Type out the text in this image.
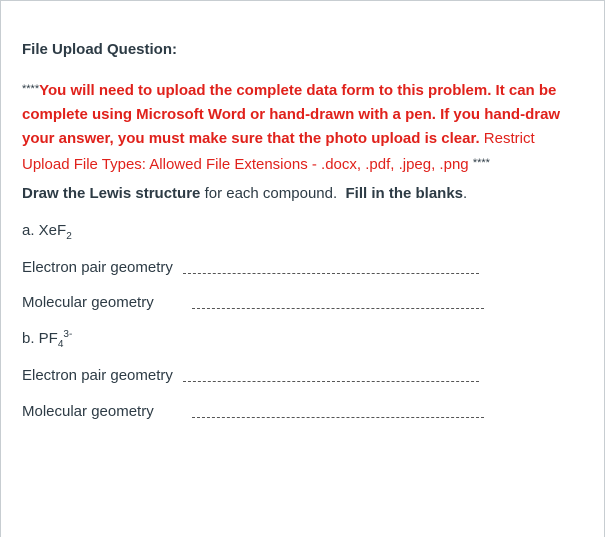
File Upload Question:
****You will need to upload the complete data form to this problem. It can be complete using Microsoft Word or hand-drawn with a pen. If you hand-draw your answer, you must make sure that the photo upload is clear. Restrict Upload File Types: Allowed File Extensions - .docx, .pdf, .jpeg, .png ****
Draw the Lewis structure for each compound. Fill in the blanks.
a. XeF$_2$
Electron pair geometry
Molecular geometry
b. $PF_4^{3-}$
Electron pair geometry
Molecular geometry
